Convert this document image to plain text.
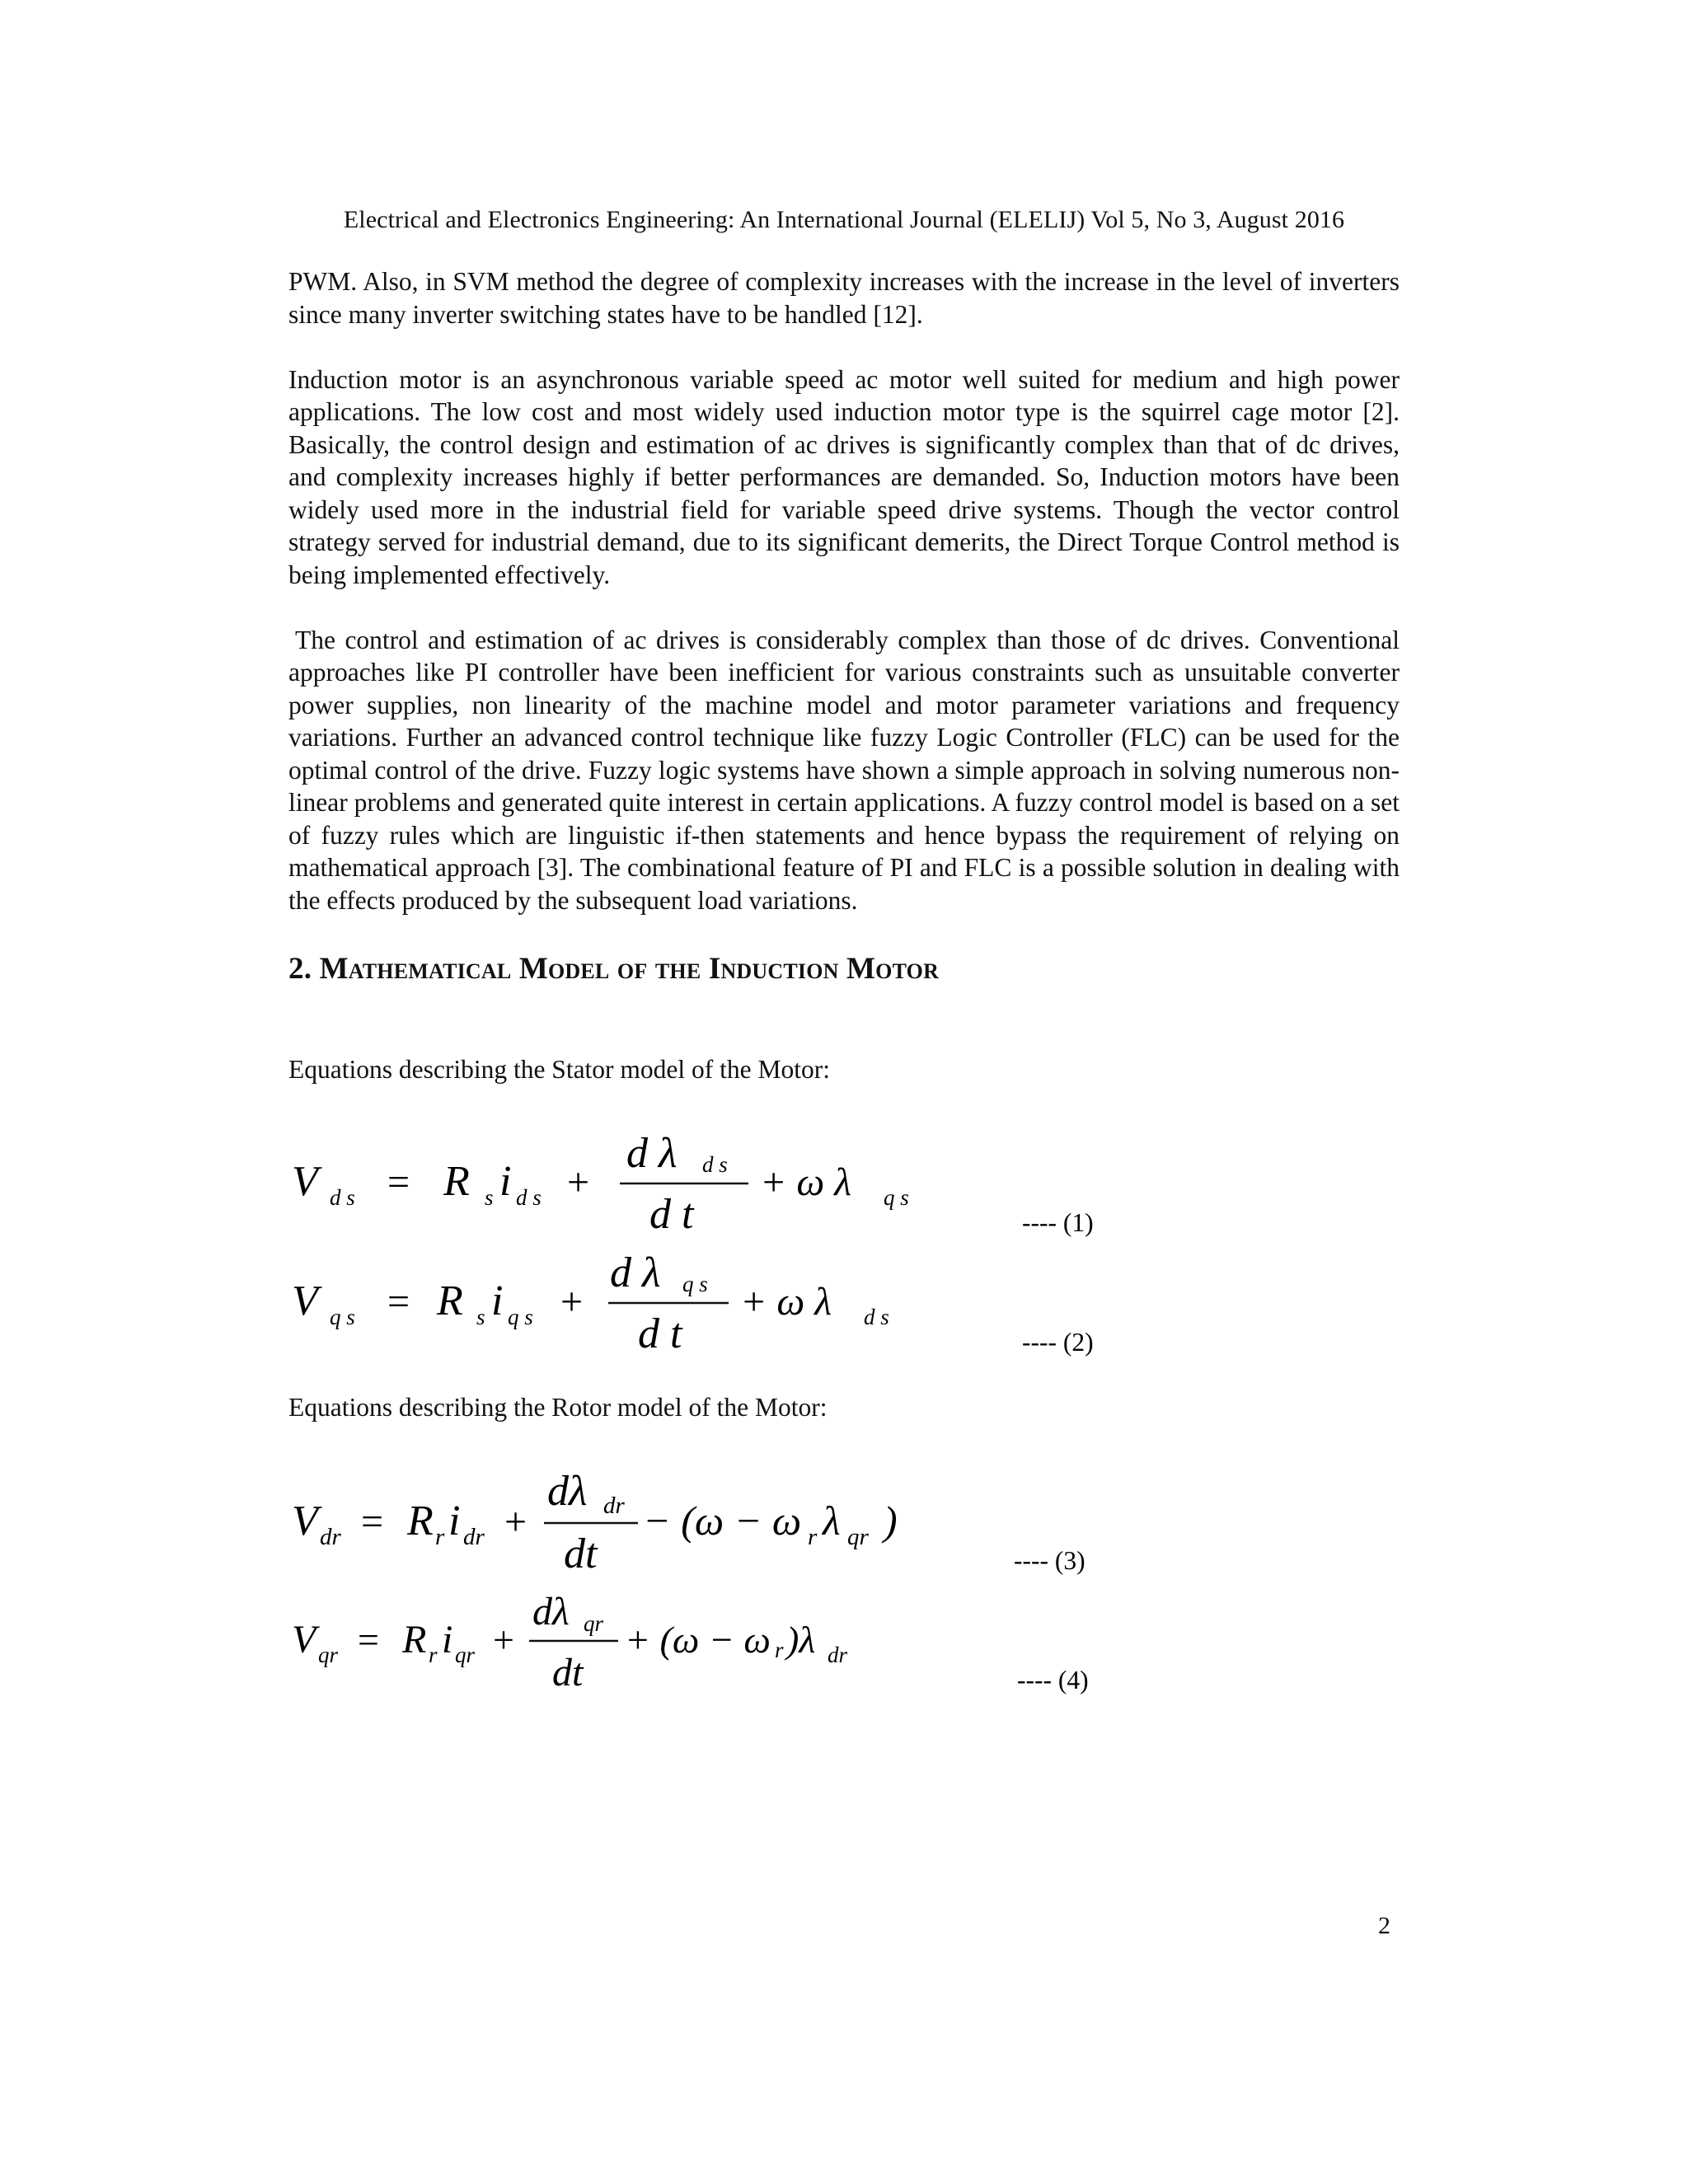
Electrical and Electronics Engineering: An International Journal (ELELIJ) Vol 5, No 3, August 2016

PWM. Also, in SVM method the degree of complexity increases with the increase in the level of inverters since many inverter switching states have to be handled [12].

Induction motor is an asynchronous variable speed ac motor well suited for medium and high power applications. The low cost and most widely used induction motor type is the squirrel cage motor [2]. Basically, the control design and estimation of ac drives is significantly complex than that of dc drives, and complexity increases highly if better performances are demanded. So, Induction motors have been widely used more in the industrial field for variable speed drive systems. Though the vector control strategy served for industrial demand, due to its significant demerits, the Direct Torque Control method is being implemented effectively.

The control and estimation of ac drives is considerably complex than those of dc drives. Conventional approaches like PI controller have been inefficient for various constraints such as unsuitable converter power supplies, non linearity of the machine model and motor parameter variations and frequency variations. Further an advanced control technique like fuzzy Logic Controller (FLC) can be used for the optimal control of the drive. Fuzzy logic systems have shown a simple approach in solving numerous non-linear problems and generated quite interest in certain applications. A fuzzy control model is based on a set of fuzzy rules which are linguistic if-then statements and hence bypass the requirement of relying on mathematical approach [3]. The combinational feature of PI and FLC is a possible solution in dealing with the effects produced by the subsequent load variations.

2. Mathematical Model of the Induction Motor
Equations describing the Stator model of the Motor:
V d s = R s i d s +
d λ d s
d t
+ ω λ q s
---- (1)
V q s = R s i q s +
d λ q s
d t
+ ω λ d s
---- (2)
Equations describing the Rotor model of the Motor:
V dr = R r i dr +
dλ dr
dt
− (ω − ω r λ qr )
---- (3)
V qr = R r i qr +
dλ qr
dt
+ (ω − ω r )λ dr
---- (4)
2
